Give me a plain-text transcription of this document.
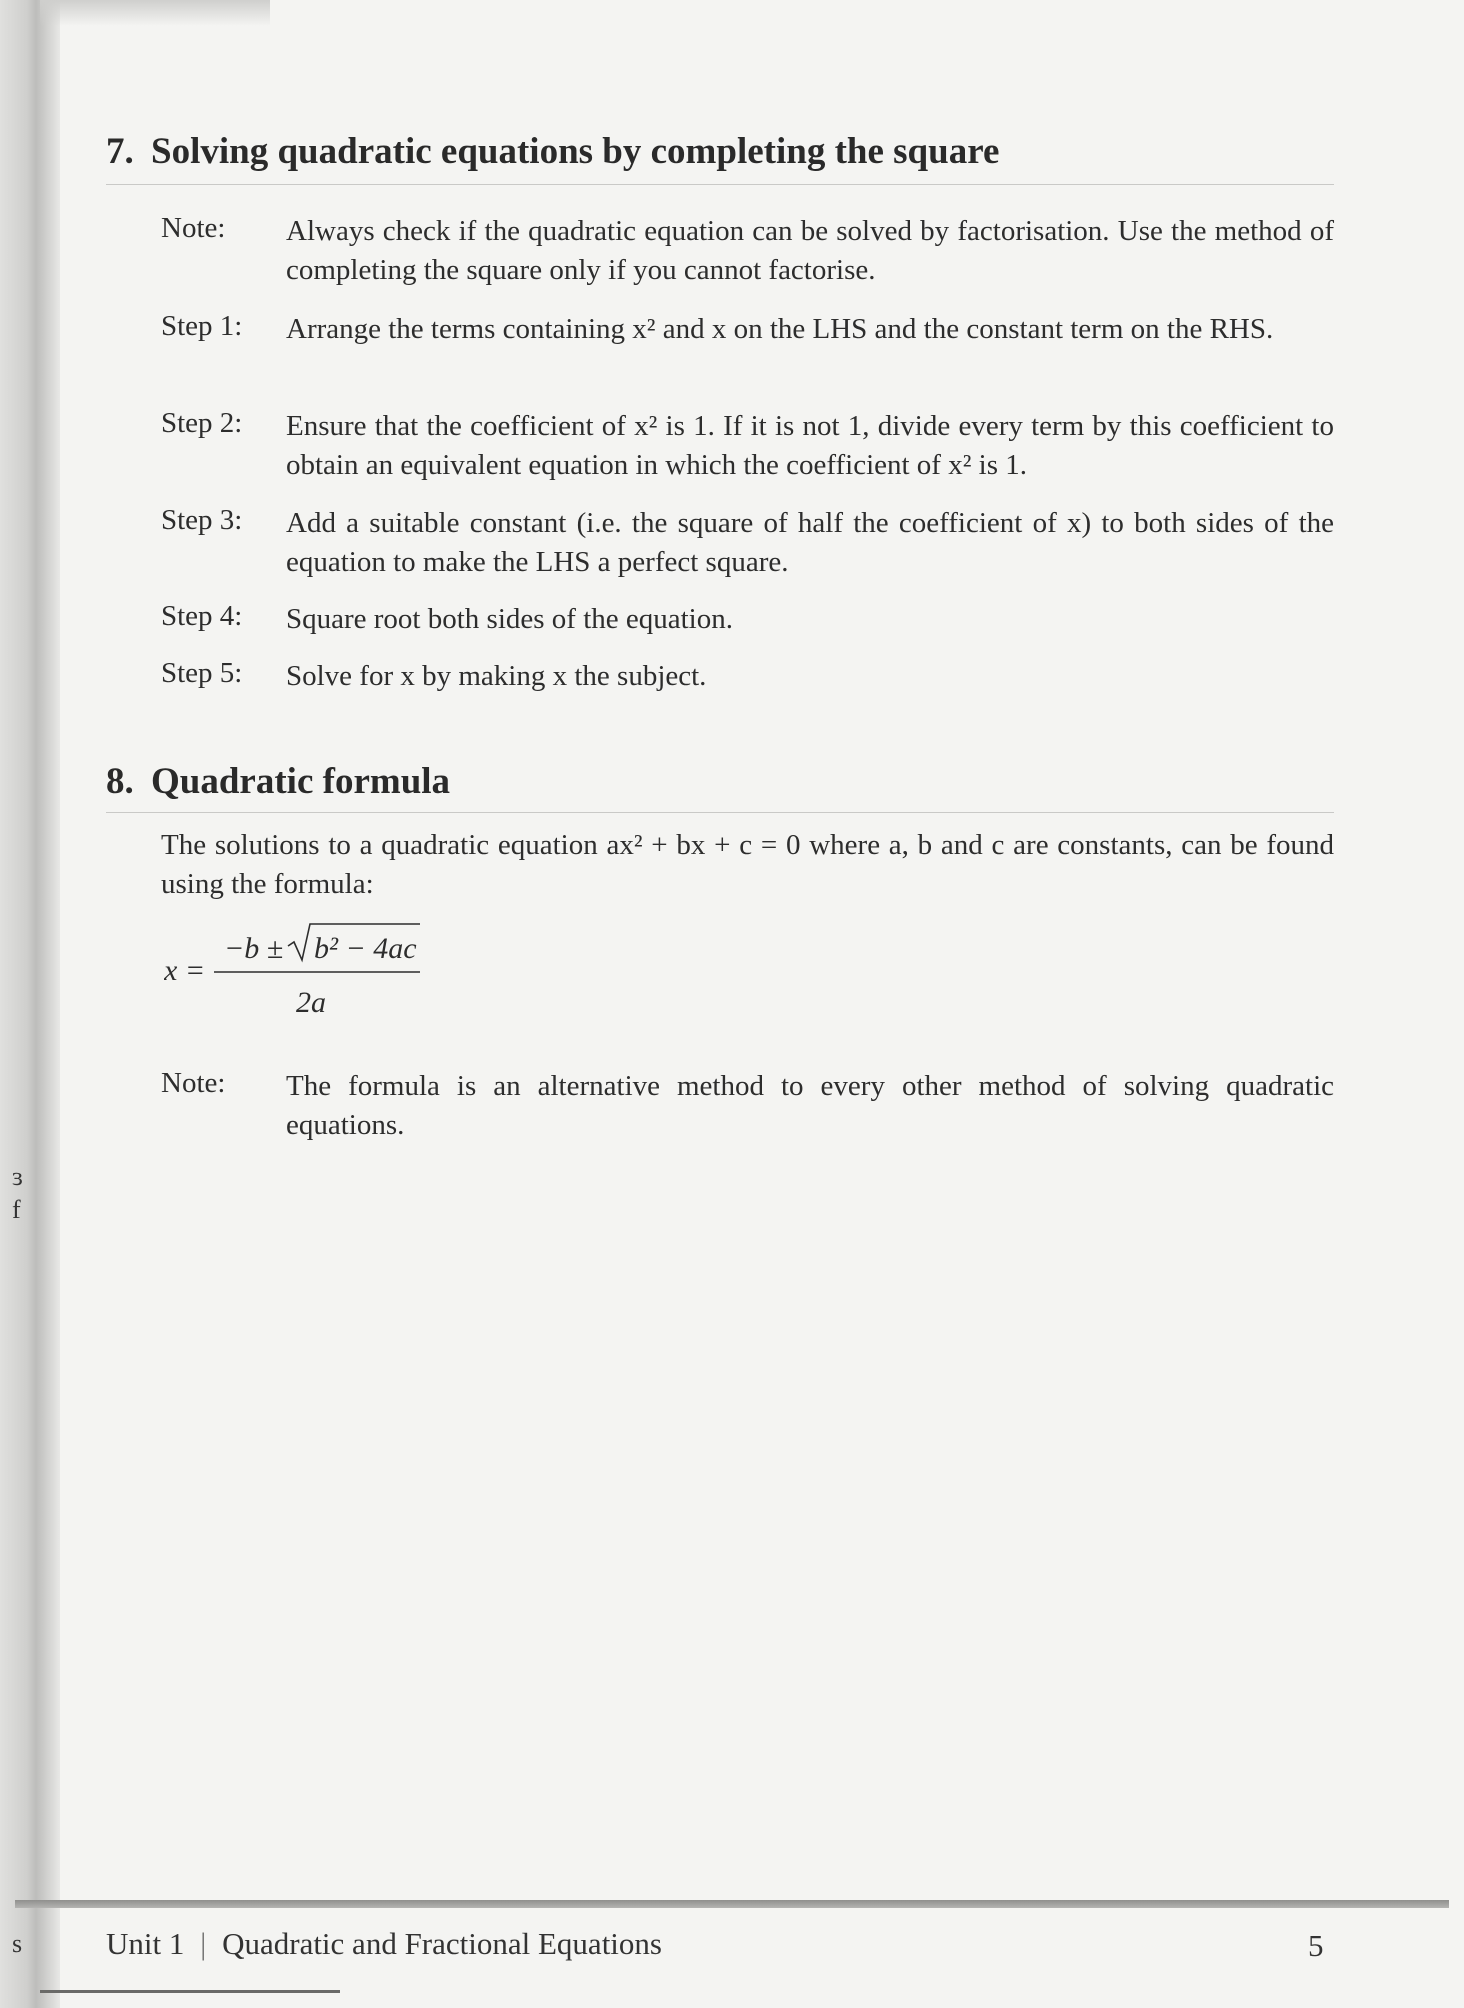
ɜ
f
s
7. Solving quadratic equations by completing the square
Note: Always check if the quadratic equation can be solved by factorisation. Use the method of completing the square only if you cannot factorise.
Step 1: Arrange the terms containing x² and x on the LHS and the constant term on the RHS.
Step 2: Ensure that the coefficient of x² is 1. If it is not 1, divide every term by this coefficient to obtain an equivalent equation in which the coefficient of x² is 1.
Step 3: Add a suitable constant (i.e. the square of half the coefficient of x) to both sides of the equation to make the LHS a perfect square.
Step 4: Square root both sides of the equation.
Step 5: Solve for x by making x the subject.
8. Quadratic formula
The solutions to a quadratic equation ax² + bx + c = 0 where a, b and c are constants, can be found using the formula:
x =
−b ± b² − 4ac
2a
Note: The formula is an alternative method to every other method of solving quadratic equations.
Unit 1 | Quadratic and Fractional Equations	5
